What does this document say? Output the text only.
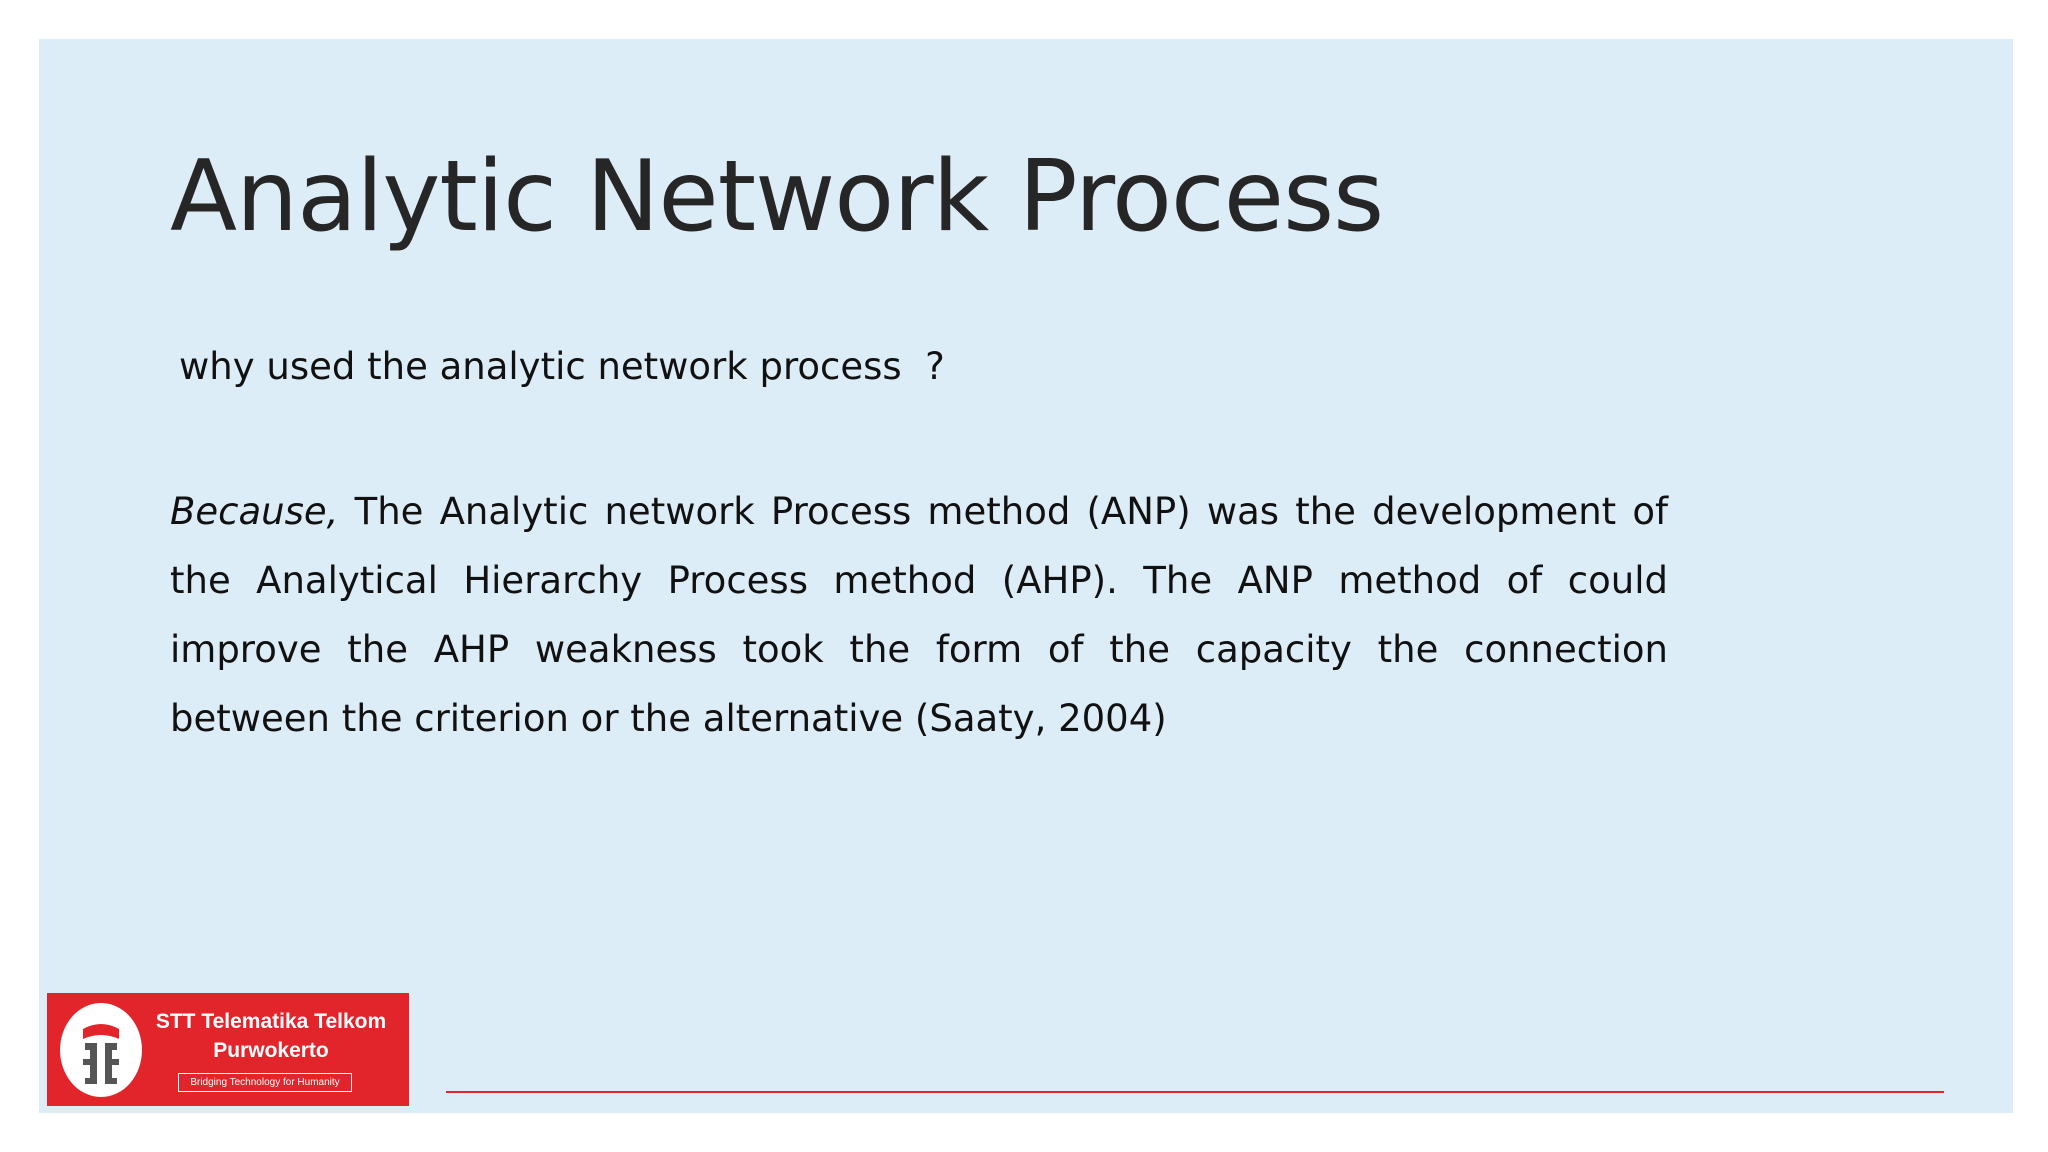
Analytic Network Process
why used the analytic network process  ?

Because, The Analytic network Process method (ANP) was the development of the Analytical Hierarchy Process method (AHP). The ANP method of could improve the AHP weakness took the form of the capacity the connection between the criterion or the alternative (Saaty, 2004)

STT Telematika Telkom Purwokerto
Bridging Technology for Humanity
